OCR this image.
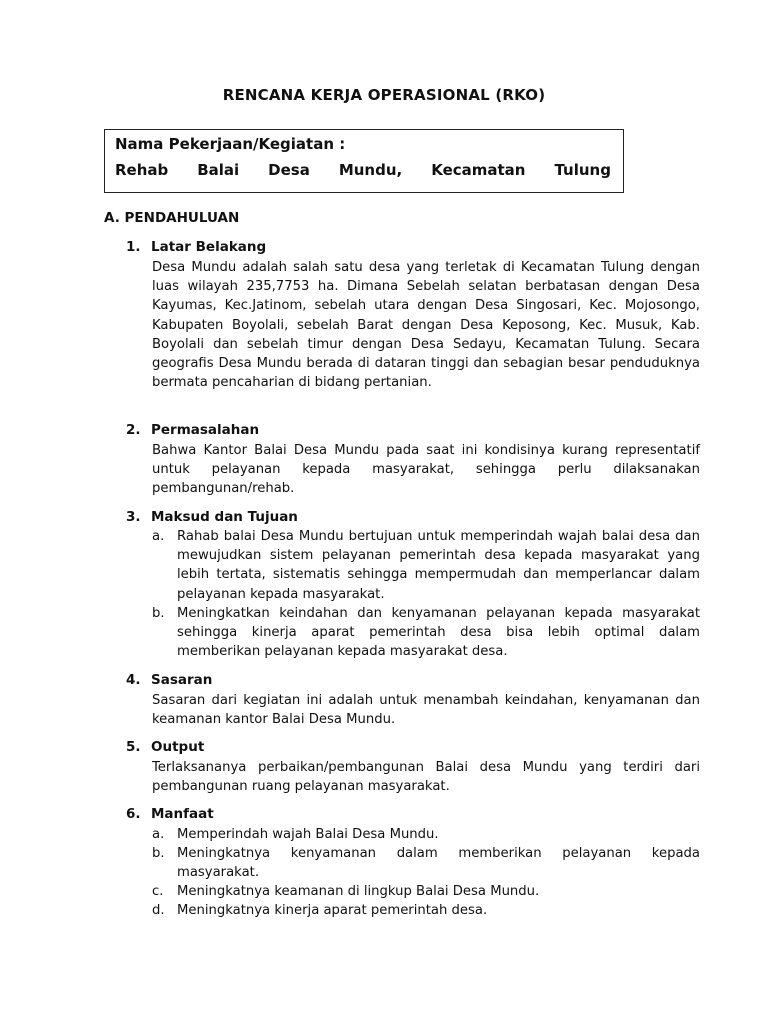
RENCANA KERJA OPERASIONAL (RKO)
Nama Pekerjaan/Kegiatan :
Rehab Balai Desa Mundu, Kecamatan Tulung
A. PENDAHULUAN
1. Latar Belakang

Desa Mundu adalah salah satu desa yang terletak di Kecamatan Tulung dengan luas wilayah 235,7753 ha. Dimana Sebelah selatan berbatasan dengan Desa Kayumas, Kec.Jatinom, sebelah utara dengan Desa Singosari, Kec. Mojosongo, Kabupaten Boyolali, sebelah Barat dengan Desa Keposong, Kec. Musuk, Kab. Boyolali dan sebelah timur dengan Desa Sedayu, Kecamatan Tulung. Secara geografis Desa Mundu berada di dataran tinggi dan sebagian besar penduduknya bermata pencaharian di bidang pertanian.

2. Permasalahan

Bahwa Kantor Balai Desa Mundu pada saat ini kondisinya kurang representatif untuk pelayanan kepada masyarakat, sehingga perlu dilaksanakan pembangunan/rehab.

3. Maksud dan Tujuan
a. Rahab balai Desa Mundu bertujuan untuk memperindah wajah balai desa dan mewujudkan sistem pelayanan pemerintah desa kepada masyarakat yang lebih tertata, sistematis sehingga mempermudah dan memperlancar dalam pelayanan kepada masyarakat.
b. Meningkatkan keindahan dan kenyamanan pelayanan kepada masyarakat sehingga kinerja aparat pemerintah desa bisa lebih optimal dalam memberikan pelayanan kepada masyarakat desa.
4. Sasaran

Sasaran dari kegiatan ini adalah untuk menambah keindahan, kenyamanan dan keamanan kantor Balai Desa Mundu.

5. Output

Terlaksananya perbaikan/pembangunan Balai desa Mundu yang terdiri dari pembangunan ruang pelayanan masyarakat.

6. Manfaat
a. Memperindah wajah Balai Desa Mundu.
b. Meningkatnya kenyamanan dalam memberikan pelayanan kepada masyarakat.
c. Meningkatnya keamanan di lingkup Balai Desa Mundu.
d. Meningkatnya kinerja aparat pemerintah desa.
